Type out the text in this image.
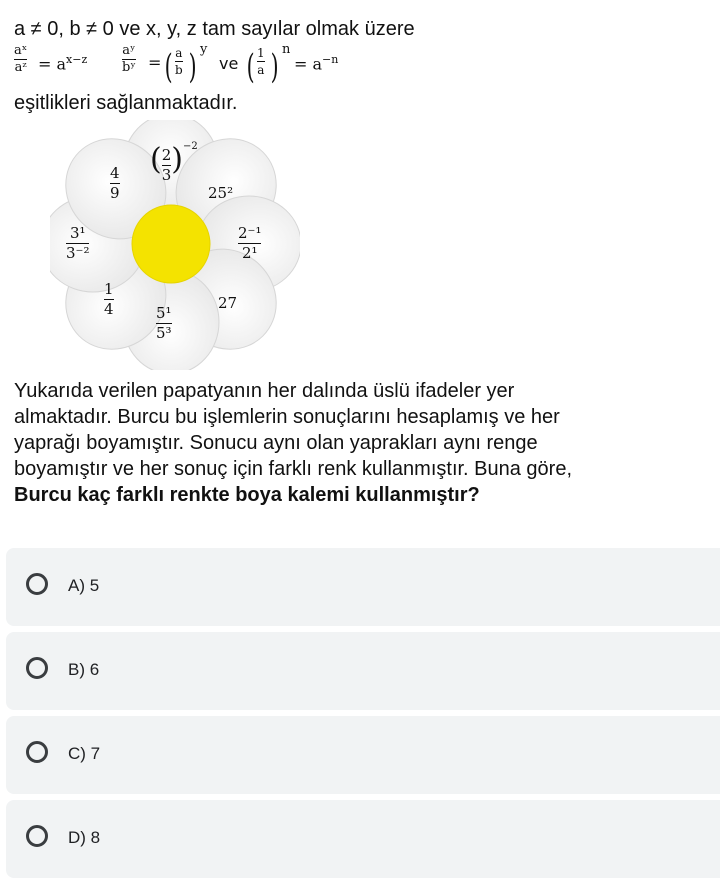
a ≠ 0, b ≠ 0 ve x, y, z tam sayılar olmak üzere
aˣ
aᶻ = $a^{x-z}$
aʸ
bʸ = ( a
b ) y
ve ( 1
a ) n
= $a^{-n}$
eşitlikleri sağlanmaktadır.
( $\frac{2}{3} )^{-2}$
25²
$\frac{\text{2⁻¹}}{\text{2¹}}$
27
$\frac{\text{5¹}}{\text{5³}}$
$\frac{1}{4}$
$\frac{\text{3¹}}{\text{3⁻²}}$
$\frac{4}{9}$

Yukarıda verilen papatyanın her dalında üslü ifadeler yer

almaktadır. Burcu bu işlemlerin sonuçlarını hesaplamış ve her

yaprağı boyamıştır. Sonucu aynı olan yaprakları aynı renge

boyamıştır ve her sonuç için farklı renk kullanmıştır. Buna göre,

Burcu kaç farklı renkte boya kalemi kullanmıştır?

A) 5
B) 6
C) 7
D) 8
